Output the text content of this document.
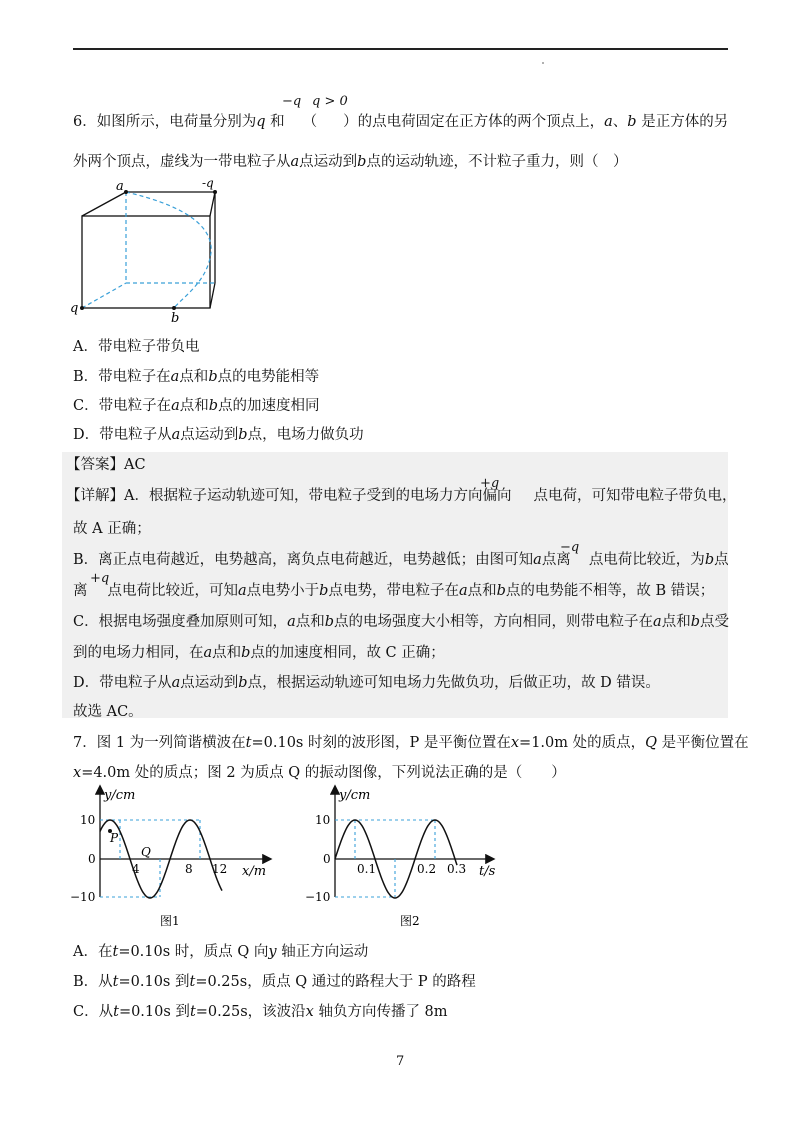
−q q > 0
6．如图所示，电荷量分别为q 和 （ ）的点电荷固定在正方体的两个顶点上，a、b 是正方体的另
外两个顶点，虚线为一带电粒子从a点运动到b点的运动轨迹，不计粒子重力，则（　）
a	-q
q
b
A．带电粒子带负电
B．带电粒子在a点和b点的电势能相等
C．带电粒子在a点和b点的加速度相同
D．带电粒子从a点运动到b点，电场力做负功
【答案】AC
+q
【详解】A．根据粒子运动轨迹可知，带电粒子受到的电场力方向偏向 点电荷，可知带电粒子带负电，
故 A 正确；
−q
B．离正点电荷越近，电势越高，离负点电荷越近，电势越低；由图可知a点离 点电荷比较近，为b点
+q
离 点电荷比较近，可知a点电势小于b点电势，带电粒子在a点和b点的电势能不相等，故 B 错误；
C．根据电场强度叠加原则可知，a点和b点的电场强度大小相等，方向相同，则带电粒子在a点和b点受
到的电场力相同，在a点和b点的加速度相同，故 C 正确；
D．带电粒子从a点运动到b点，根据运动轨迹可知电场力先做负功，后做正功，故 D 错误。
故选 AC。
7．图 1 为一列简谐横波在t=0.10s 时刻的波形图，P 是平衡位置在x=1.0m 处的质点，Q 是平衡位置在
x=4.0m 处的质点；图 2 为质点 Q 的振动图像，下列说法正确的是（　　）
P
Q
y/cm
x/m
10
0
−10
4	8 12
图1
y/cm
t/s
10
0
−10
0.1	0.2 0.3
图2
A．在t=0.10s 时，质点 Q 向y 轴正方向运动
B．从t=0.10s 到t=0.25s，质点 Q 通过的路程大于 P 的路程
C．从t=0.10s 到t=0.25s，该波沿x 轴负方向传播了 8m
7
